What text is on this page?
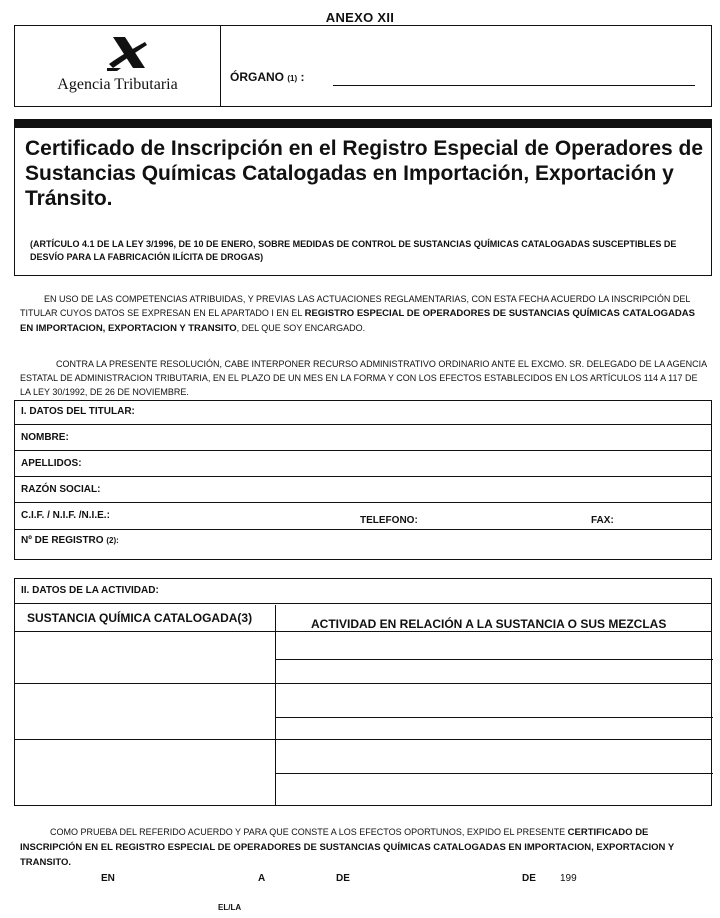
ANEXO XII
Agencia Tributaria	ÓRGANO (1) :
Certificado de Inscripción en el Registro Especial de Operadores de Sustancias Químicas Catalogadas en Importación, Exportación y Tránsito.
(ARTÍCULO 4.1 DE LA LEY 3/1996, DE 10 DE ENERO, SOBRE MEDIDAS DE CONTROL DE SUSTANCIAS QUÍMICAS CATALOGADAS SUSCEPTIBLES DE DESVÍO PARA LA FABRICACIÓN ILÍCITA DE DROGAS)
EN USO DE LAS COMPETENCIAS ATRIBUIDAS, Y PREVIAS LAS ACTUACIONES REGLAMENTARIAS, CON ESTA FECHA ACUERDO LA INSCRIPCIÓN DEL TITULAR CUYOS DATOS SE EXPRESAN EN EL APARTADO I EN EL REGISTRO ESPECIAL DE OPERADORES DE SUSTANCIAS QUÍMICAS CATALOGADAS EN IMPORTACION, EXPORTACION Y TRANSITO, DEL QUE SOY ENCARGADO.
CONTRA LA PRESENTE RESOLUCIÓN, CABE INTERPONER RECURSO ADMINISTRATIVO ORDINARIO ANTE EL EXCMO. SR. DELEGADO DE LA AGENCIA ESTATAL DE ADMINISTRACION TRIBUTARIA, EN EL PLAZO DE UN MES EN LA FORMA Y CON LOS EFECTOS ESTABLECIDOS EN LOS ARTÍCULOS 114 A 117 DE LA LEY 30/1992, DE 26 DE NOVIEMBRE.
I. DATOS DEL TITULAR:
NOMBRE:
APELLIDOS:
RAZÓN SOCIAL:
C.I.F. / N.I.F. /N.I.E.:	TELEFONO:	FAX:
Nº DE REGISTRO (2):
II. DATOS DE LA ACTIVIDAD:
SUSTANCIA QUÍMICA CATALOGADA(3)	ACTIVIDAD EN RELACIÓN A LA SUSTANCIA O SUS MEZCLAS
COMO PRUEBA DEL REFERIDO ACUERDO Y PARA QUE CONSTE A LOS EFECTOS OPORTUNOS, EXPIDO EL PRESENTE CERTIFICADO DE INSCRIPCIÓN EN EL REGISTRO ESPECIAL DE OPERADORES DE SUSTANCIAS QUÍMICAS CATALOGADAS EN IMPORTACION, EXPORTACION Y TRANSITO.
EN	A	DE	DE 199
EL/LA
